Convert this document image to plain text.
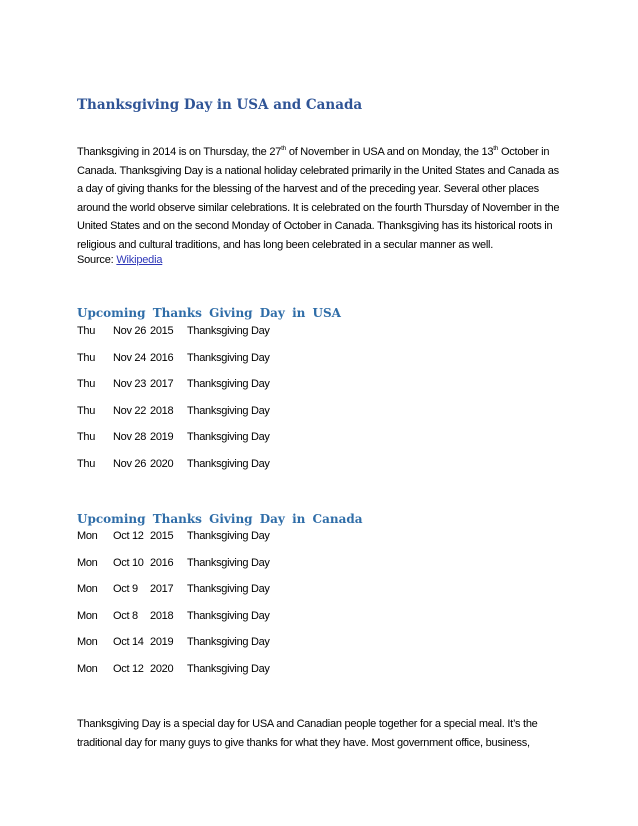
Thanksgiving Day in USA and Canada

Thanksgiving in 2014 is on Thursday, the 27th of November in USA and on Monday, the 13th October in Canada. Thanksgiving Day is a national holiday celebrated primarily in the United States and Canada as a day of giving thanks for the blessing of the harvest and of the preceding year. Several other places around the world observe similar celebrations. It is celebrated on the fourth Thursday of November in the United States and on the second Monday of October in Canada. Thanksgiving has its historical roots in religious and cultural traditions, and has long been celebrated in a secular manner as well.

Source: Wikipedia

Upcoming Thanks Giving Day in USA
Thu Nov 26 2015 Thanksgiving Day
Thu Nov 24 2016 Thanksgiving Day
Thu Nov 23 2017 Thanksgiving Day
Thu Nov 22 2018 Thanksgiving Day
Thu Nov 28 2019 Thanksgiving Day
Thu Nov 26 2020 Thanksgiving Day
Upcoming Thanks Giving Day in Canada
Mon Oct 12 2015 Thanksgiving Day
Mon Oct 10 2016 Thanksgiving Day
Mon Oct 9 2017 Thanksgiving Day
Mon Oct 8 2018 Thanksgiving Day
Mon Oct 14 2019 Thanksgiving Day
Mon Oct 12 2020 Thanksgiving Day

Thanksgiving Day is a special day for USA and Canadian people together for a special meal. It’s the traditional day for many guys to give thanks for what they have. Most government office, business,
